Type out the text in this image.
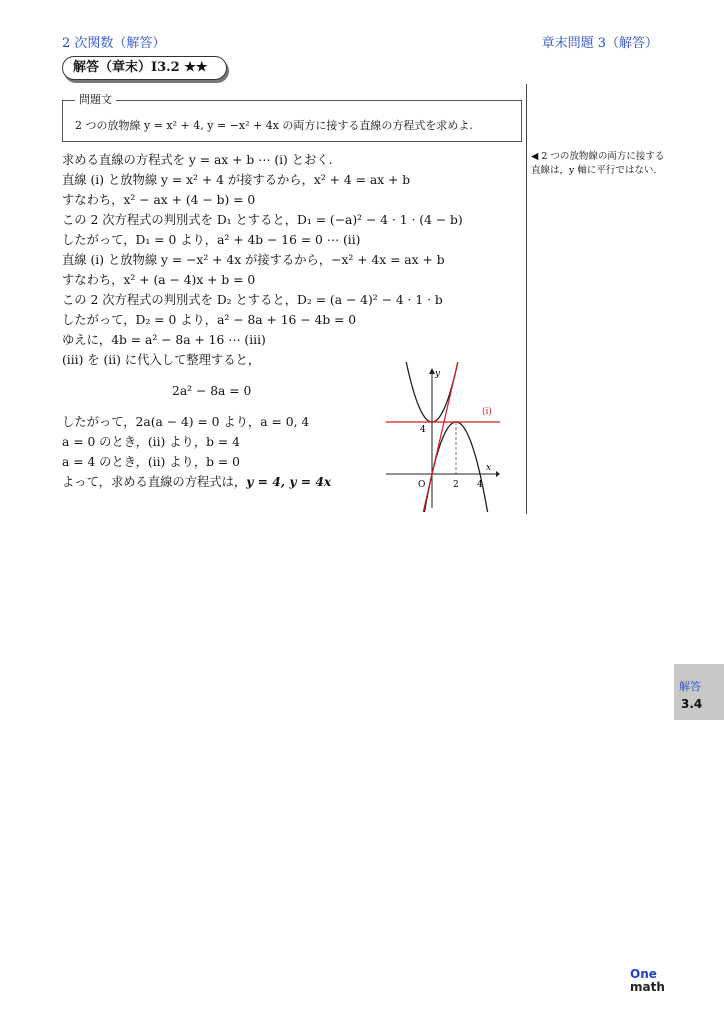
2 次関数（解答）	章末問題 3（解答）
解答（章末）I3.2 ★★
問題文
2 つの放物線 y = x² + 4, y = −x² + 4x の両方に接する直線の方程式を求めよ.
求める直線の方程式を y = ax + b ⋯ (i) とおく.
直線 (i) と放物線 y = x² + 4 が接するから，x² + 4 = ax + b
すなわち，x² − ax + (4 − b) = 0
この 2 次方程式の判別式を D₁ とすると，D₁ = (−a)² − 4 · 1 · (4 − b)
したがって，D₁ = 0 より，a² + 4b − 16 = 0 ⋯ (ii)
直線 (i) と放物線 y = −x² + 4x が接するから，−x² + 4x = ax + b
すなわち，x² + (a − 4)x + b = 0
この 2 次方程式の判別式を D₂ とすると，D₂ = (a − 4)² − 4 · 1 · b
したがって，D₂ = 0 より，a² − 8a + 16 − 4b = 0
ゆえに，4b = a² − 8a + 16 ⋯ (iii)
(iii) を (ii) に代入して整理すると，
2a² − 8a = 0
したがって，2a(a − 4) = 0 より，a = 0, 4
a = 0 のとき，(ii) より，b = 4
a = 4 のとき，(ii) より，b = 0
よって，求める直線の方程式は，y = 4, y = 4x
◀ 2 つの放物線の両方に接する直線は，y 軸に平行ではない.
y
x
O	2 4
4
(i)
解答
3.4
One
math
